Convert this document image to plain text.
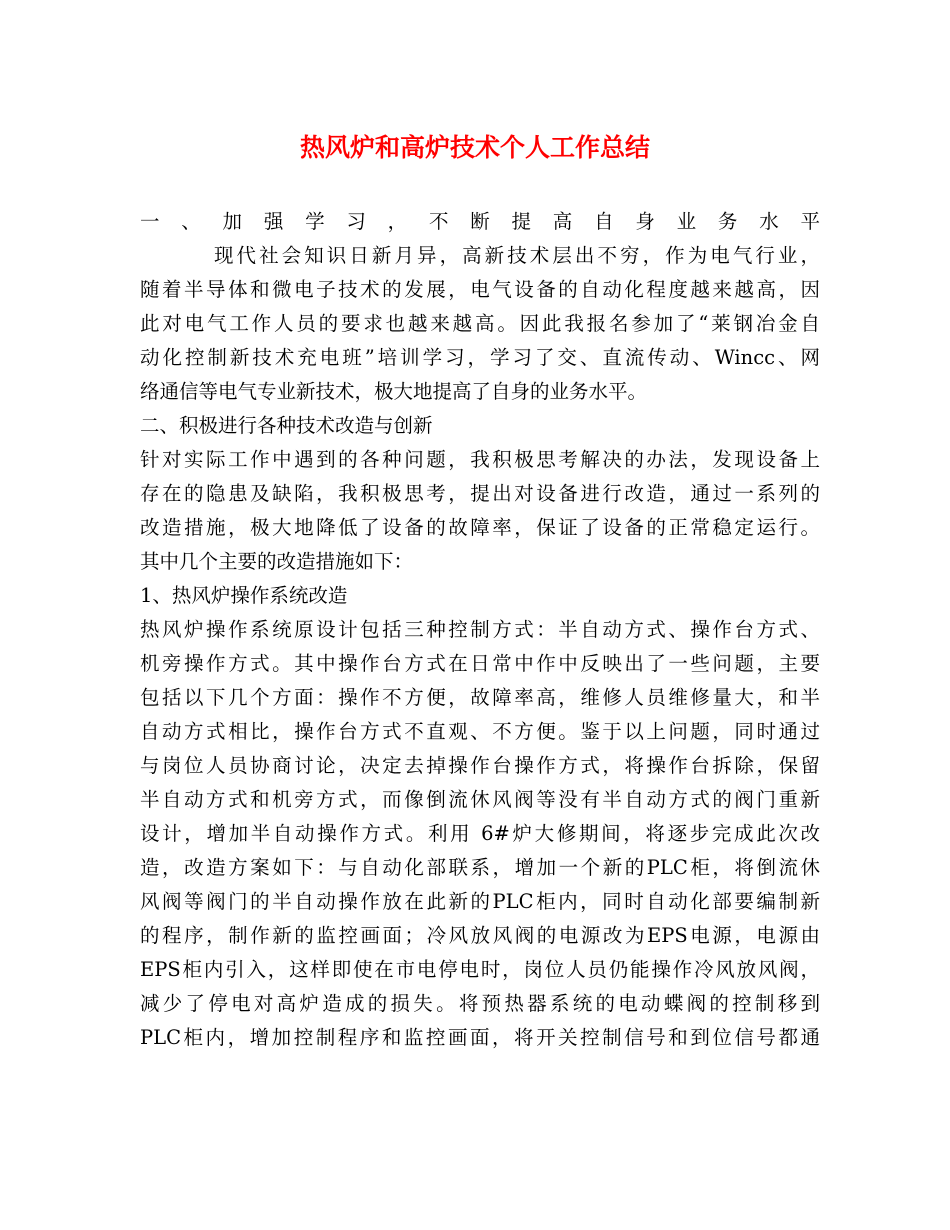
热风炉和高炉技术个人工作总结
一、加强学习，不断提高自身业务水平
现代社会知识日新月异，高新技术层出不穷，作为电气行业，
随着半导体和微电子技术的发展，电气设备的自动化程度越来越高，因
此对电气工作人员的要求也越来越高。因此我报名参加了“莱钢冶金自
动化控制新技术充电班”培训学习，学习了交、直流传动、Wincc、网
络通信等电气专业新技术，极大地提高了自身的业务水平。
二、积极进行各种技术改造与创新
针对实际工作中遇到的各种问题，我积极思考解决的办法，发现设备上
存在的隐患及缺陷，我积极思考，提出对设备进行改造，通过一系列的
改造措施，极大地降低了设备的故障率，保证了设备的正常稳定运行。
其中几个主要的改造措施如下：
1、热风炉操作系统改造
热风炉操作系统原设计包括三种控制方式：半自动方式、操作台方式、
机旁操作方式。其中操作台方式在日常中作中反映出了一些问题，主要
包括以下几个方面：操作不方便，故障率高，维修人员维修量大，和半
自动方式相比，操作台方式不直观、不方便。鉴于以上问题，同时通过
与岗位人员协商讨论，决定去掉操作台操作方式，将操作台拆除，保留
半自动方式和机旁方式，而像倒流休风阀等没有半自动方式的阀门重新
设计，增加半自动操作方式。利用 6#炉大修期间，将逐步完成此次改
造，改造方案如下：与自动化部联系，增加一个新的PLC柜，将倒流休
风阀等阀门的半自动操作放在此新的PLC柜内，同时自动化部要编制新
的程序，制作新的监控画面；冷风放风阀的电源改为EPS电源，电源由
EPS柜内引入，这样即使在市电停电时，岗位人员仍能操作冷风放风阀，
减少了停电对高炉造成的损失。将预热器系统的电动蝶阀的控制移到
PLC柜内，增加控制程序和监控画面，将开关控制信号和到位信号都通
